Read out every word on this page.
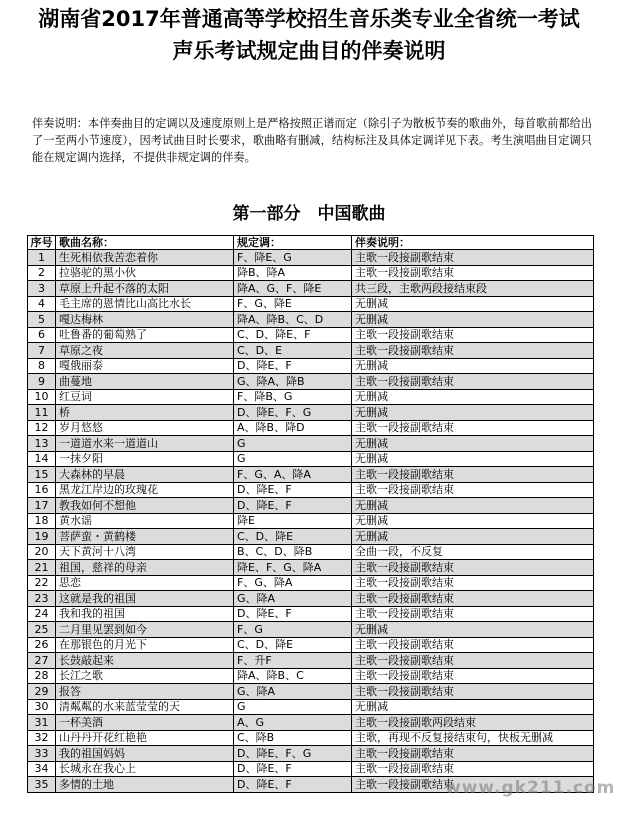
湖南省2017年普通高等学校招生音乐类专业全省统一考试
声乐考试规定曲目的伴奏说明
伴奏说明：本伴奏曲目的定调以及速度原则上是严格按照正谱而定（除引子为散板节奏的歌曲外，每首歌前都给出了一至两小节速度），因考试曲目时长要求，歌曲略有删减，结构标注及具体定调详见下表。考生演唱曲目定调只能在规定调内选择，不提供非规定调的伴奏。
第一部分　中国歌曲
序号	歌曲名称：	规定调：	伴奏说明：
1	生死相依我苦恋着你	F、降E、G	主歌一段接副歌结束
2	拉骆驼的黑小伙	降B、降A	主歌一段接副歌结束
3	草原上升起不落的太阳	降A、G、F、降E	共三段，主歌两段接结束段
4	毛主席的恩情比山高比水长	F、G、降E	无删减
5	嘎达梅林	降A、降B、C、D	无删减
6	吐鲁番的葡萄熟了	C、D、降E、F	主歌一段接副歌结束
7	草原之夜	C、D、E	主歌一段接副歌结束
8	嘎俄丽泰	D、降E、F	无删减
9	曲蔓地	G、降A、降B	主歌一段接副歌结束
10	红豆词	F、降B、G	无删减
11	桥	D、降E、F、G	无删减
12	岁月悠悠	A、降B、降D	主歌一段接副歌结束
13	一道道水来一道道山	G	无删减
14	一抹夕阳	G	无删减
15	大森林的早晨	F、G、A、降A	主歌一段接副歌结束
16	黑龙江岸边的玫瑰花	D、降E、F	主歌一段接副歌结束
17	教我如何不想他	D、降E、F	无删减
18	黄水谣	降E	无删减
19	菩萨蛮・黄鹤楼	C、D、降E	无删减
20	天下黄河十八湾	B、C、D、降B	全曲一段，不反复
21	祖国，慈祥的母亲	降E、F、G、降A	主歌一段接副歌结束
22	思恋	F、G、降A	主歌一段接副歌结束
23	这就是我的祖国	G、降A	主歌一段接副歌结束
24	我和我的祖国	D、降E、F	主歌一段接副歌结束
25	二月里见罢到如今	F、G	无删减
26	在那银色的月光下	C、D、降E	主歌一段接副歌结束
27	长鼓敲起来	F、升F	主歌一段接副歌结束
28	长江之歌	降A、降B、C	主歌一段接副歌结束
29	报答	G、降A	主歌一段接副歌结束
30	清粼粼的水来蓝莹莹的天	G	无删减
31	一杯美酒	A、G	主歌一段接副歌两段结束
32	山丹丹开花红艳艳	C、降B	主歌，再现不反复接结束句，快板无删减
33	我的祖国妈妈	D、降E、F、G	主歌一段接副歌结束
34	长城永在我心上	D、降E、F	主歌一段接副歌结束
35	多情的土地	D、降E、F	主歌一段接副歌结束
www.gk211.com
